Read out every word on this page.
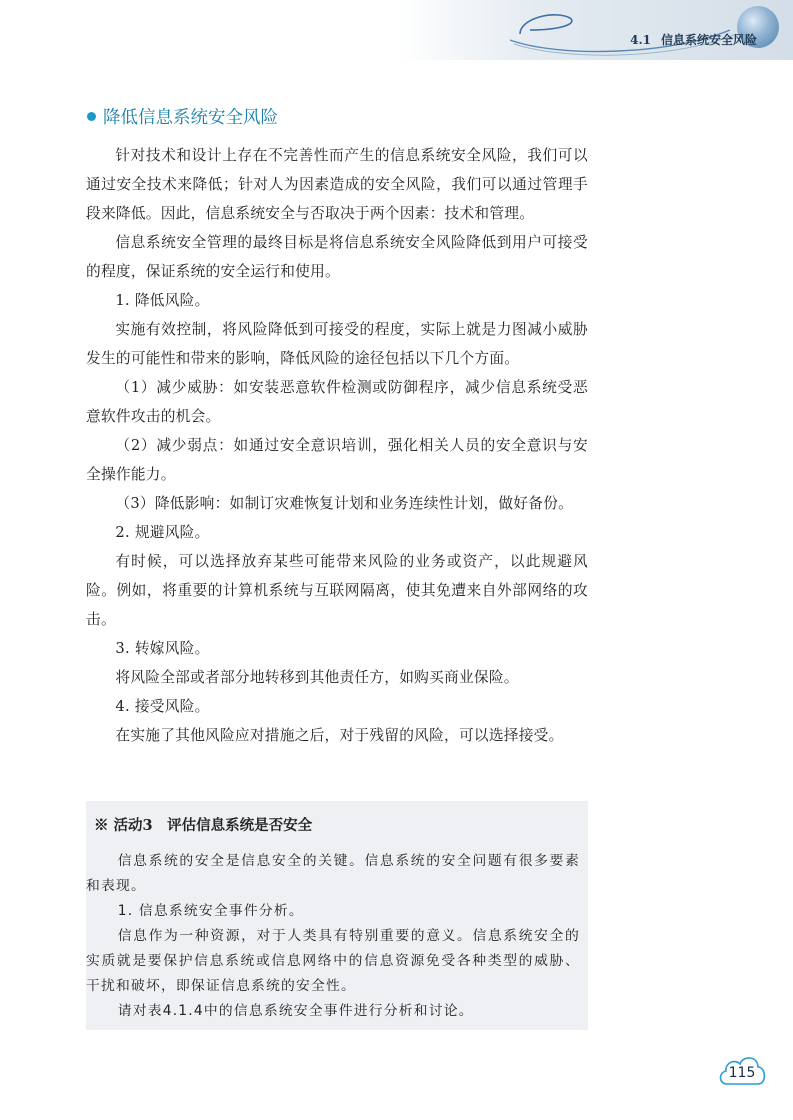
4.1 信息系统安全风险
降低信息系统安全风险

针对技术和设计上存在不完善性而产生的信息系统安全风险，我们可以通过安全技术来降低；针对人为因素造成的安全风险，我们可以通过管理手段来降低。因此，信息系统安全与否取决于两个因素：技术和管理。

信息系统安全管理的最终目标是将信息系统安全风险降低到用户可接受的程度，保证系统的安全运行和使用。

1. 降低风险。

实施有效控制，将风险降低到可接受的程度，实际上就是力图减小威胁发生的可能性和带来的影响，降低风险的途径包括以下几个方面。

（1）减少威胁：如安装恶意软件检测或防御程序，减少信息系统受恶意软件攻击的机会。

（2）减少弱点：如通过安全意识培训，强化相关人员的安全意识与安全操作能力。

（3）降低影响：如制订灾难恢复计划和业务连续性计划，做好备份。

2. 规避风险。

有时候，可以选择放弃某些可能带来风险的业务或资产，以此规避风险。例如，将重要的计算机系统与互联网隔离，使其免遭来自外部网络的攻击。

3. 转嫁风险。

将风险全部或者部分地转移到其他责任方，如购买商业保险。

4. 接受风险。

在实施了其他风险应对措施之后，对于残留的风险，可以选择接受。

※ 活动3　评估信息系统是否安全

信息系统的安全是信息安全的关键。信息系统的安全问题有很多要素和表现。

1. 信息系统安全事件分析。

信息作为一种资源，对于人类具有特别重要的意义。信息系统安全的实质就是要保护信息系统或信息网络中的信息资源免受各种类型的威胁、干扰和破坏，即保证信息系统的安全性。

请对表4.1.4中的信息系统安全事件进行分析和讨论。

115
